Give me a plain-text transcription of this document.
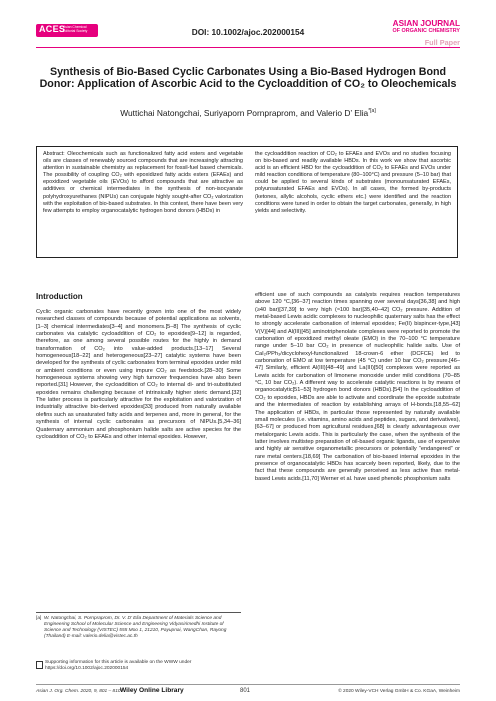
ACES
Asian Chemical Editorial Society	DOI: 10.1002/ajoc.202000154
ASIAN JOURNAL
OF ORGANIC CHEMISTRY
Full Paper
Synthesis of Bio-Based Cyclic Carbonates Using a Bio-Based Hydrogen Bond Donor: Application of Ascorbic Acid to the Cycloaddition of CO₂ to Oleochemicals
Wuttichai Natongchai, Suriyaporn Pornpraprom, and Valerio D’ Elia$^{*[a]}$
Abstract: Oleochemicals such as functionalized fatty acid esters and vegetable oils are classes of renewably sourced compounds that are increasingly attracting attention in sustainable chemistry as replacement for fossil-fuel based chemicals. The possibility of coupling CO₂ with epoxidized fatty acids esters (EFAEs) and epoxidized vegetable oils (EVOs) to afford compounds that are attractive as additives or chemical intermediates in the synthesis of non-isocyanate polyhydroxyurethanes (NIPUs) can conjugate highly sought-after CO₂ valorization with the exploitation of bio-based substrates. In this context, there have been very few attempts to employ organocatalytic hydrogen bond donors (HBDs) in
the cycloaddition reaction of CO₂ to EFAEs and EVOs and no studies focusing on bio-based and readily available HBDs. In this work we show that ascorbic acid is an efficient HBD for the cycloaddition of CO₂ to EFAEs and EVOs under mild reaction conditions of temperature (80–100°C) and pressure (5–10 bar) that could be applied to several kinds of substrates (monounsaturated EFAEs, polyunsaturated EFAEs and EVOs). In all cases, the formed by-products (ketones, allylic alcohols, cyclic ethers etc.) were identified and the reaction conditions were tuned in order to obtain the target carbonates, generally, in high yields and selectivity.
Introduction
Cyclic organic carbonates have recently grown into one of the most widely researched classes of compounds because of potential applications as solvents,[1–3] chemical intermediates[3–4] and monomers.[5–8] The synthesis of cyclic carbonates via catalytic cycloaddition of CO₂ to epoxides[9–12] is regarded, therefore, as one among several possible routes for the highly in demand transformation of CO₂ into value-added products.[13–17] Several homogeneous[18–22] and heterogeneous[23–27] catalytic systems have been developed for the synthesis of cyclic carbonates from terminal epoxides under mild or ambient conditions or even using impure CO₂ as feedstock.[28–30] Some homogeneous systems showing very high turnover frequencies have also been reported.[31] However, the cycloaddition of CO₂ to internal di- and tri-substituted epoxides remains challenging because of intrinsically higher steric demand.[32] The latter process is particularly attractive for the exploitation and valorization of industrially attractive bio-derived epoxides[33] produced from naturally available olefins such as unsaturated fatty acids and terpenes and, more in general, for the synthesis of internal cyclic carbonates as precursors of NIPUs.[5,34–36] Quaternary ammonium and phosphonium halide salts are active species for the cycloaddition of CO₂ to EFAEs and other internal epoxides. However,
efficient use of such compounds as catalysts requires reaction temperatures above 120 °C,[36–37] reaction times spanning over several days[36,38] and high (≥40 bar)[37,39] to very high (≈100 bar)[35,40–42] CO₂ pressure. Addition of metal-based Lewis acidic complexes to nucleophilic quaternary salts has the effect to strongly accelerate carbonation of internal epoxides; Fe(II) bispincer-type,[43] V(V)[44] and Al(III)[45] aminotriphenolate complexes were reported to promote the carbonation of epoxidized methyl oleate (EMO) in the 70–100 °C temperature range under 5–10 bar CO₂ in presence of nucleophilic halide salts. Use of CaI₂/PPh₃/dicyclohexyl-functionalized 18-crown-6 ether (DCFCE) led to carbonation of EMO at low temperature (45 °C) under 10 bar CO₂ pressure.[46–47] Similarly, efficient Al(III)[48–49] and La(III)[50] complexes were reported as Lewis acids for carbonation of limonene monoxide under mild conditions (70–85 °C, 10 bar CO₂). A different way to accelerate catalytic reactions is by means of organocatalytic[51–53] hydrogen bond donors (HBDs).[54] In the cycloaddition of CO₂ to epoxides, HBDs are able to activate and coordinate the epoxide substrate and the intermediates of reaction by establishing arrays of H-bonds.[18,55–62] The application of HBDs, in particular those represented by naturally available small molecules (i.e. vitamins, amino acids and peptides, sugars, and derivatives),[63–67] or produced from agricultural residues,[68] is clearly advantageous over metalorganic Lewis acids. This is particularly the case, when the synthesis of the latter involves multistep preparation of oil-based organic ligands, use of expensive and highly air sensitive organometallic precursors or potentially “endangered” or rare metal centers.[18,69] The carbonation of bio-based internal epoxides in the presence of organocatalytic HBDs has scarcely been reported, likely, due to the fact that these compounds are generally perceived as less active than metal-based Lewis acids.[11,70] Werner et al. have used phenolic phosphonium salts
[a] W. Natongchai, S. Pornpraprom, Dr. V. D’ Elia Department of Materials Science and Engineering School of Molecular Science and Engineering Vidyasirimedhi Institute of Science and Technology (VISTEC) 555 Moo 1, 21210, Payupnai, WangChan, Rayong (Thailand) E-mail: valerio.delia@vistec.ac.th
Supporting information for this article is available on the WWW under https://doi.org/10.1002/ajoc.202000154
Asian J. Org. Chem. 2020, 9, 801 – 810 Wiley Online Library	801	© 2020 Wiley-VCH Verlag GmbH & Co. KGaA, Weinheim
